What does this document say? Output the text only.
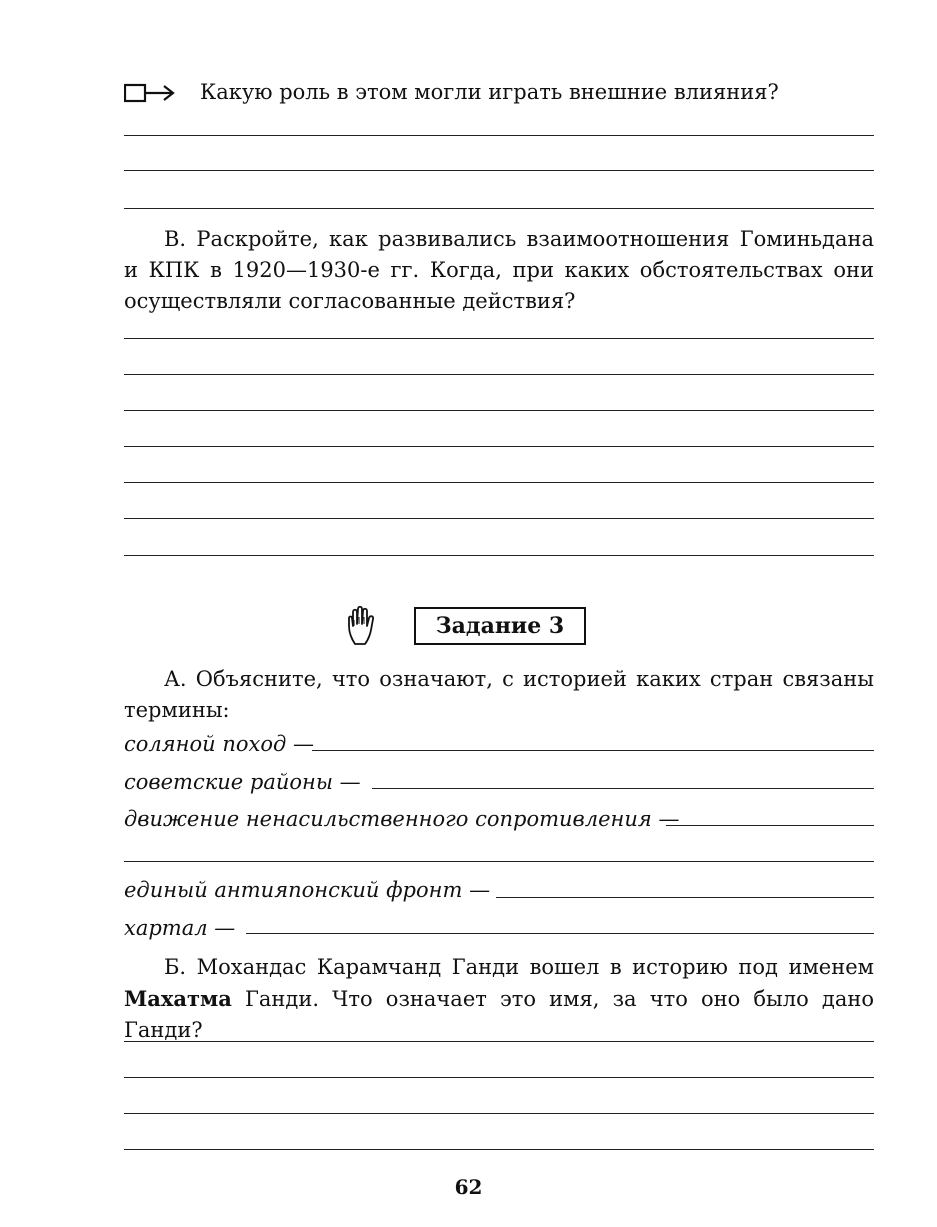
Какую роль в этом могли играть внешние влияния?
В. Раскройте, как развивались взаимоотношения Гоминьдана и КПК в 1920—1930-е гг. Когда, при каких обстоятельствах они осуществляли согласованные действия?
Задание 3
А. Объясните, что означают, с историей каких стран связаны термины:
соляной поход —
советские районы —
движение ненасильственного сопротивления —
единый антияпонский фронт —
хартал —
Б. Мохандас Карамчанд Ганди вошел в историю под именем Махатма Ганди. Что означает это имя, за что оно было дано Ганди?
62
